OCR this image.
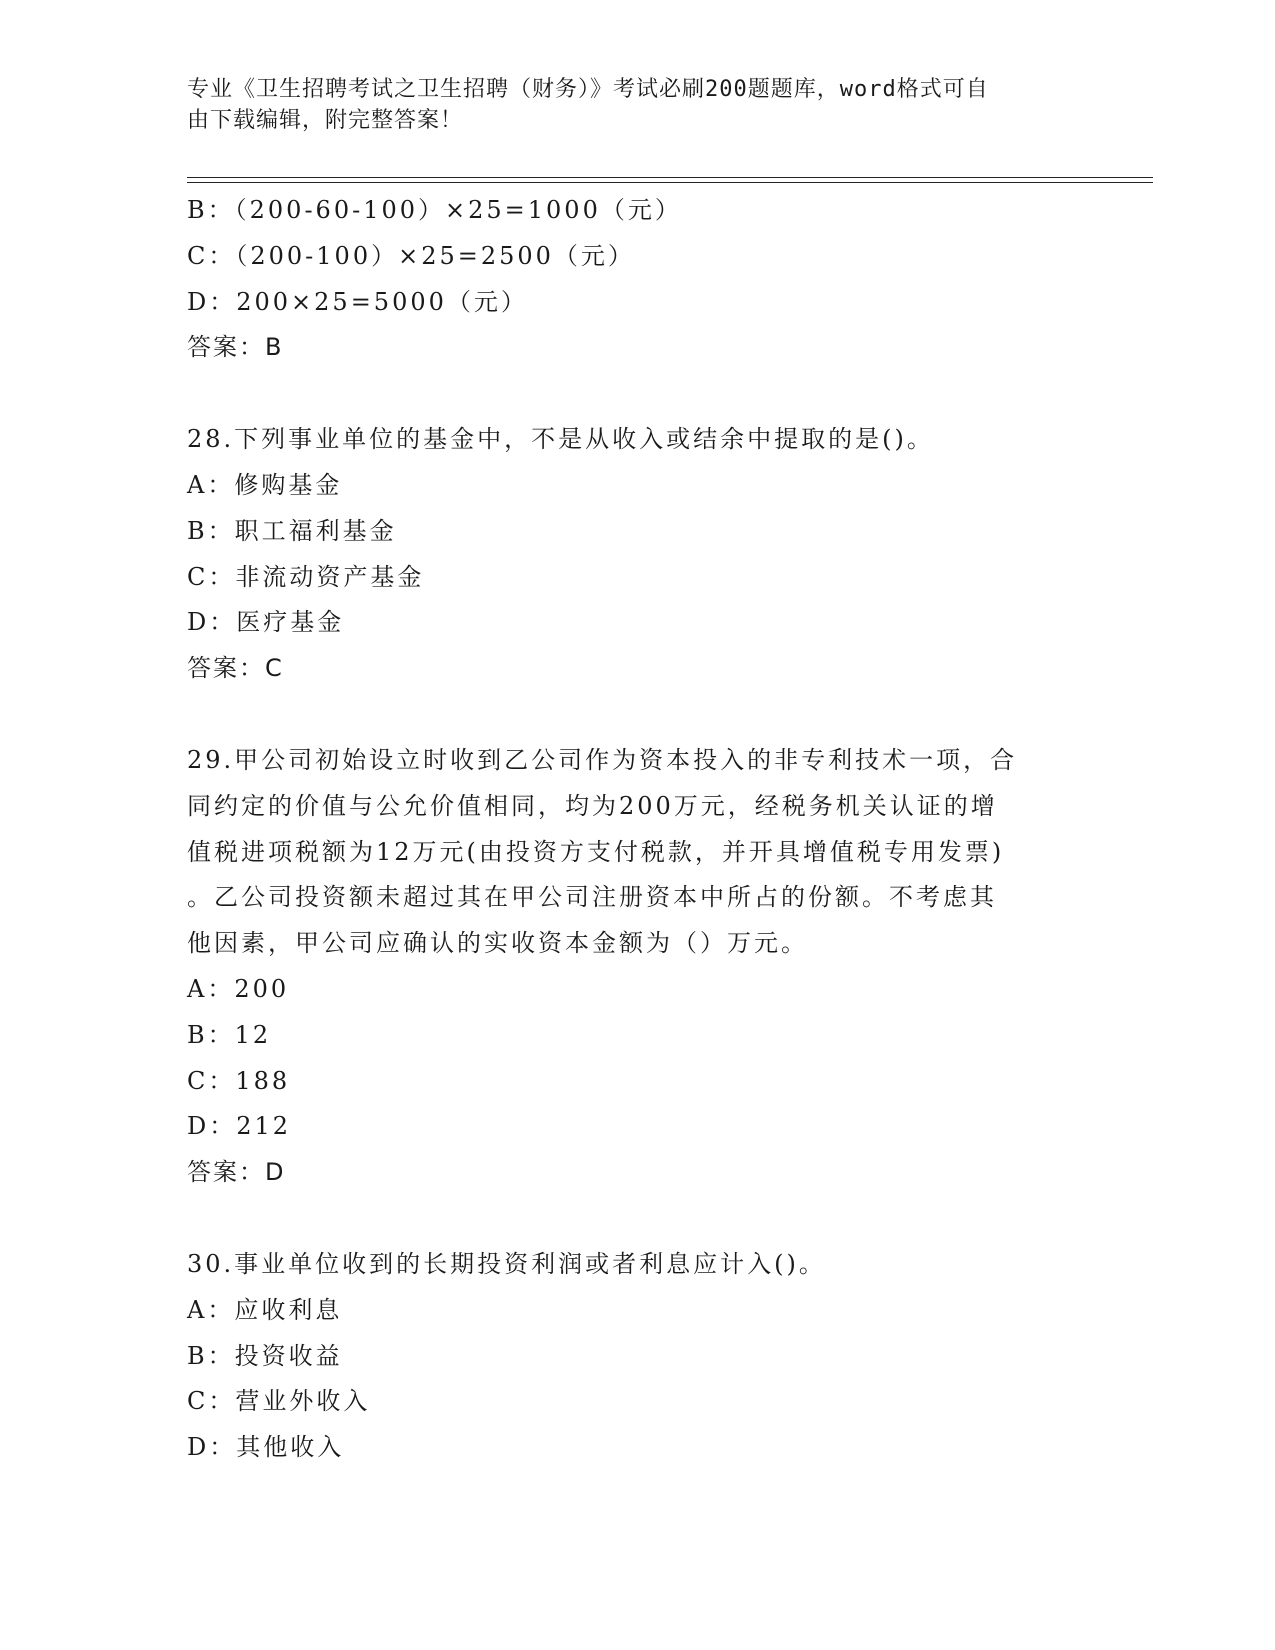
专业《卫生招聘考试之卫生招聘（财务）》考试必刷200题题库，word格式可自
由下载编辑，附完整答案！
B：（200-60-100）×25=1000（元）
C：（200-100）×25=2500（元）
D：200×25=5000（元）
答案：B
28.下列事业单位的基金中，不是从收入或结余中提取的是()。
A：修购基金
B：职工福利基金
C：非流动资产基金
D：医疗基金
答案：C
29.甲公司初始设立时收到乙公司作为资本投入的非专利技术一项，合
同约定的价值与公允价值相同，均为200万元，经税务机关认证的增
值税进项税额为12万元(由投资方支付税款，并开具增值税专用发票)
。乙公司投资额未超过其在甲公司注册资本中所占的份额。不考虑其
他因素，甲公司应确认的实收资本金额为（）万元。
A：200
B：12
C：188
D：212
答案：D
30.事业单位收到的长期投资利润或者利息应计入()。
A：应收利息
B：投资收益
C：营业外收入
D：其他收入
